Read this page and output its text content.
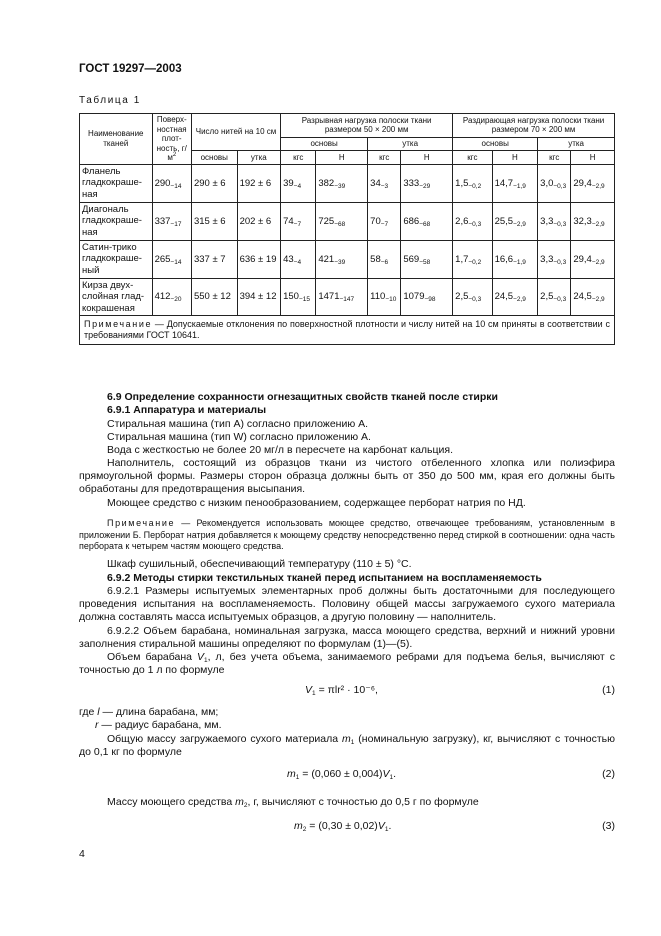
ГОСТ 19297—2003
Таблица 1
Наименование тканей	Поверх-ностная плот-ность, $г/м^2$	Число нитей на 10 см		Разрывная нагрузка полоски ткани размером 50 × 200 мм				Раздирающая нагрузка полоски ткани размером 70 × 200 мм			
				основы		утка		основы		утка	
		основы	утка	кгс	Н	кгс	Н	кгс	Н	кгс	Н
Фланель гладкокраше-ная	$290_{-14}$	290 ± 6	192 ± 6	$39_{-4}$	$382_{-39}$	$34_{-3}$	$333_{-29}$	$1,5_{-0,2}$	$14,7_{-1,9}$	$3,0_{-0,3}$	$29,4_{-2,9}$
Диагональ гладкокраше-ная	$337_{-17}$	315 ± 6	202 ± 6	$74_{-7}$	$725_{-68}$	$70_{-7}$	$686_{-68}$	$2,6_{-0,3}$	$25,5_{-2,9}$	$3,3_{-0,3}$	$32,3_{-2,9}$
Сатин-трико гладкокраше-ный	$265_{-14}$	337 ± 7	636 ± 19	$43_{-4}$	$421_{-39}$	$58_{-6}$	$569_{-58}$	$1,7_{-0,2}$	$16,6_{-1,9}$	$3,3_{-0,3}$	$29,4_{-2,9}$
Кирза двух-слойная глад-кокрашеная	$412_{-20}$	550 ± 12	394 ± 12	$150_{-15}$	$1471_{-147}$	$110_{-10}$	$1079_{-98}$	$2,5_{-0,3}$	$24,5_{-2,9}$	$2,5_{-0,3}$	$24,5_{-2,9}$
Примечание — Допускаемые отклонения по поверхностной плотности и числу нитей на 10 см приняты в соответствии с требованиями ГОСТ 10641.											
6.9 Определение сохранности огнезащитных свойств тканей после стирки
6.9.1 Аппаратура и материалы
Стиральная машина (тип А) согласно приложению А.
Стиральная машина (тип W) согласно приложению А.
Вода с жесткостью не более 20 мг/л в пересчете на карбонат кальция.
Наполнитель, состоящий из образцов ткани из чистого отбеленного хлопка или полиэфира прямоугольной формы. Размеры сторон образца должны быть от 350 до 500 мм, края его должны быть обработаны для предотвращения высыпания.
Моющее средство с низким пенообразованием, содержащее перборат натрия по НД.
Примечание — Рекомендуется использовать моющее средство, отвечающее требованиям, установленным в приложении Б. Перборат натрия добавляется к моющему средству непосредственно перед стиркой в соотношении: одна часть пербората к четырем частям моющего средства.
Шкаф сушильный, обеспечивающий температуру (110 ± 5) °С.
6.9.2 Методы стирки текстильных тканей перед испытанием на воспламеняемость
6.9.2.1 Размеры испытуемых элементарных проб должны быть достаточными для последующего проведения испытания на воспламеняемость. Половину общей массы загружаемого сухого материала должна составлять масса испытуемых образцов, а другую половину — наполнитель.
6.9.2.2 Объем барабана, номинальная загрузка, масса моющего средства, верхний и нижний уровни заполнения стиральной машины определяют по формулам (1)—(5).
Объем барабана $V_1$, л, без учета объема, занимаемого ребрами для подъема белья, вычисляют с точностью до 1 л по формуле
$V_1 = \pi lr^2 \cdot 10^{-6}$,	(1)
где l — длина барабана, мм;
r — радиус барабана, мм.
Общую массу загружаемого сухого материала $m_1$ (номинальную загрузку), кг, вычисляют с точностью до 0,1 кг по формуле
$m_1 = (0,060 \pm 0,004)V_1$.	(2)
Массу моющего средства $m_2$, г, вычисляют с точностью до 0,5 г по формуле
$m_2 = (0,30 \pm 0,02)V_1$.	(3)
4
